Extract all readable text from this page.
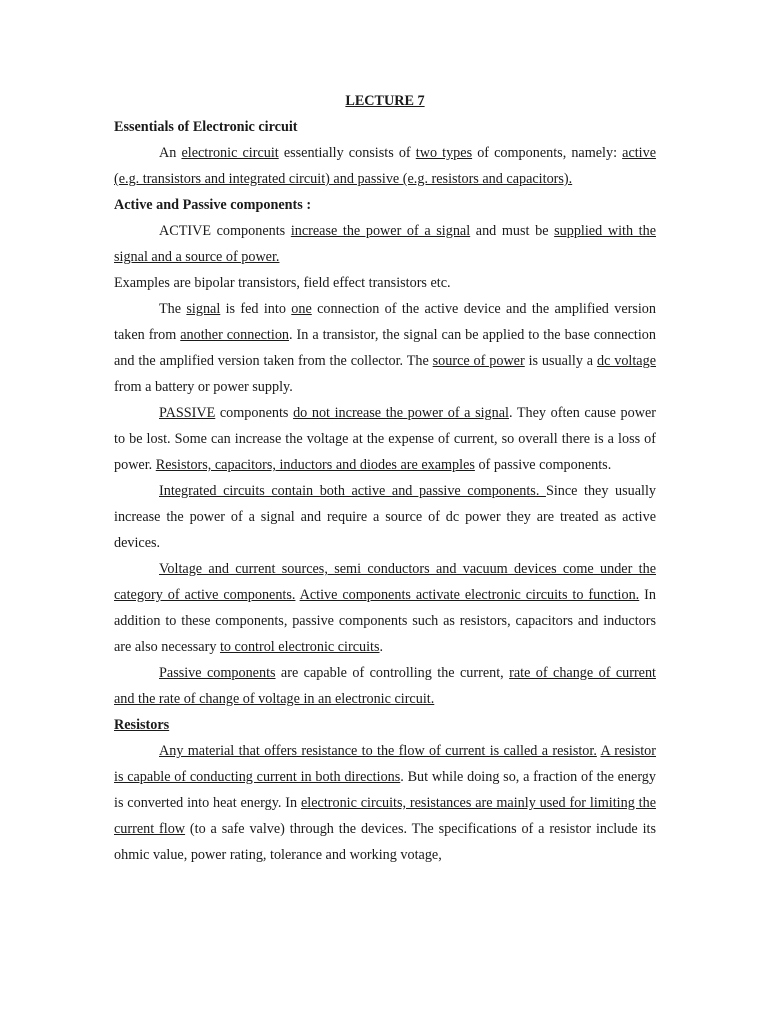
LECTURE 7
Essentials of Electronic circuit

An electronic circuit essentially consists of two types of components, namely: active (e.g. transistors and integrated circuit) and passive (e.g. resistors and capacitors).

Active and Passive components :

ACTIVE components increase the power of a signal and must be supplied with the signal and a source of power.

Examples are bipolar transistors, field effect transistors etc.

The signal is fed into one connection of the active device and the amplified version taken from another connection. In a transistor, the signal can be applied to the base connection and the amplified version taken from the collector. The source of power is usually a dc voltage from a battery or power supply.

PASSIVE components do not increase the power of a signal. They often cause power to be lost. Some can increase the voltage at the expense of current, so overall there is a loss of power. Resistors, capacitors, inductors and diodes are examples of passive components.

Integrated circuits contain both active and passive components. Since they usually increase the power of a signal and require a source of dc power they are treated as active devices.

Voltage and current sources, semi conductors and vacuum devices come under the category of active components. Active components activate electronic circuits to function. In addition to these components, passive components such as resistors, capacitors and inductors are also necessary to control electronic circuits.

Passive components are capable of controlling the current, rate of change of current and the rate of change of voltage in an electronic circuit.

Resistors

Any material that offers resistance to the flow of current is called a resistor. A resistor is capable of conducting current in both directions. But while doing so, a fraction of the energy is converted into heat energy. In electronic circuits, resistances are mainly used for limiting the current flow (to a safe valve) through the devices. The specifications of a resistor include its ohmic value, power rating, tolerance and working votage,
